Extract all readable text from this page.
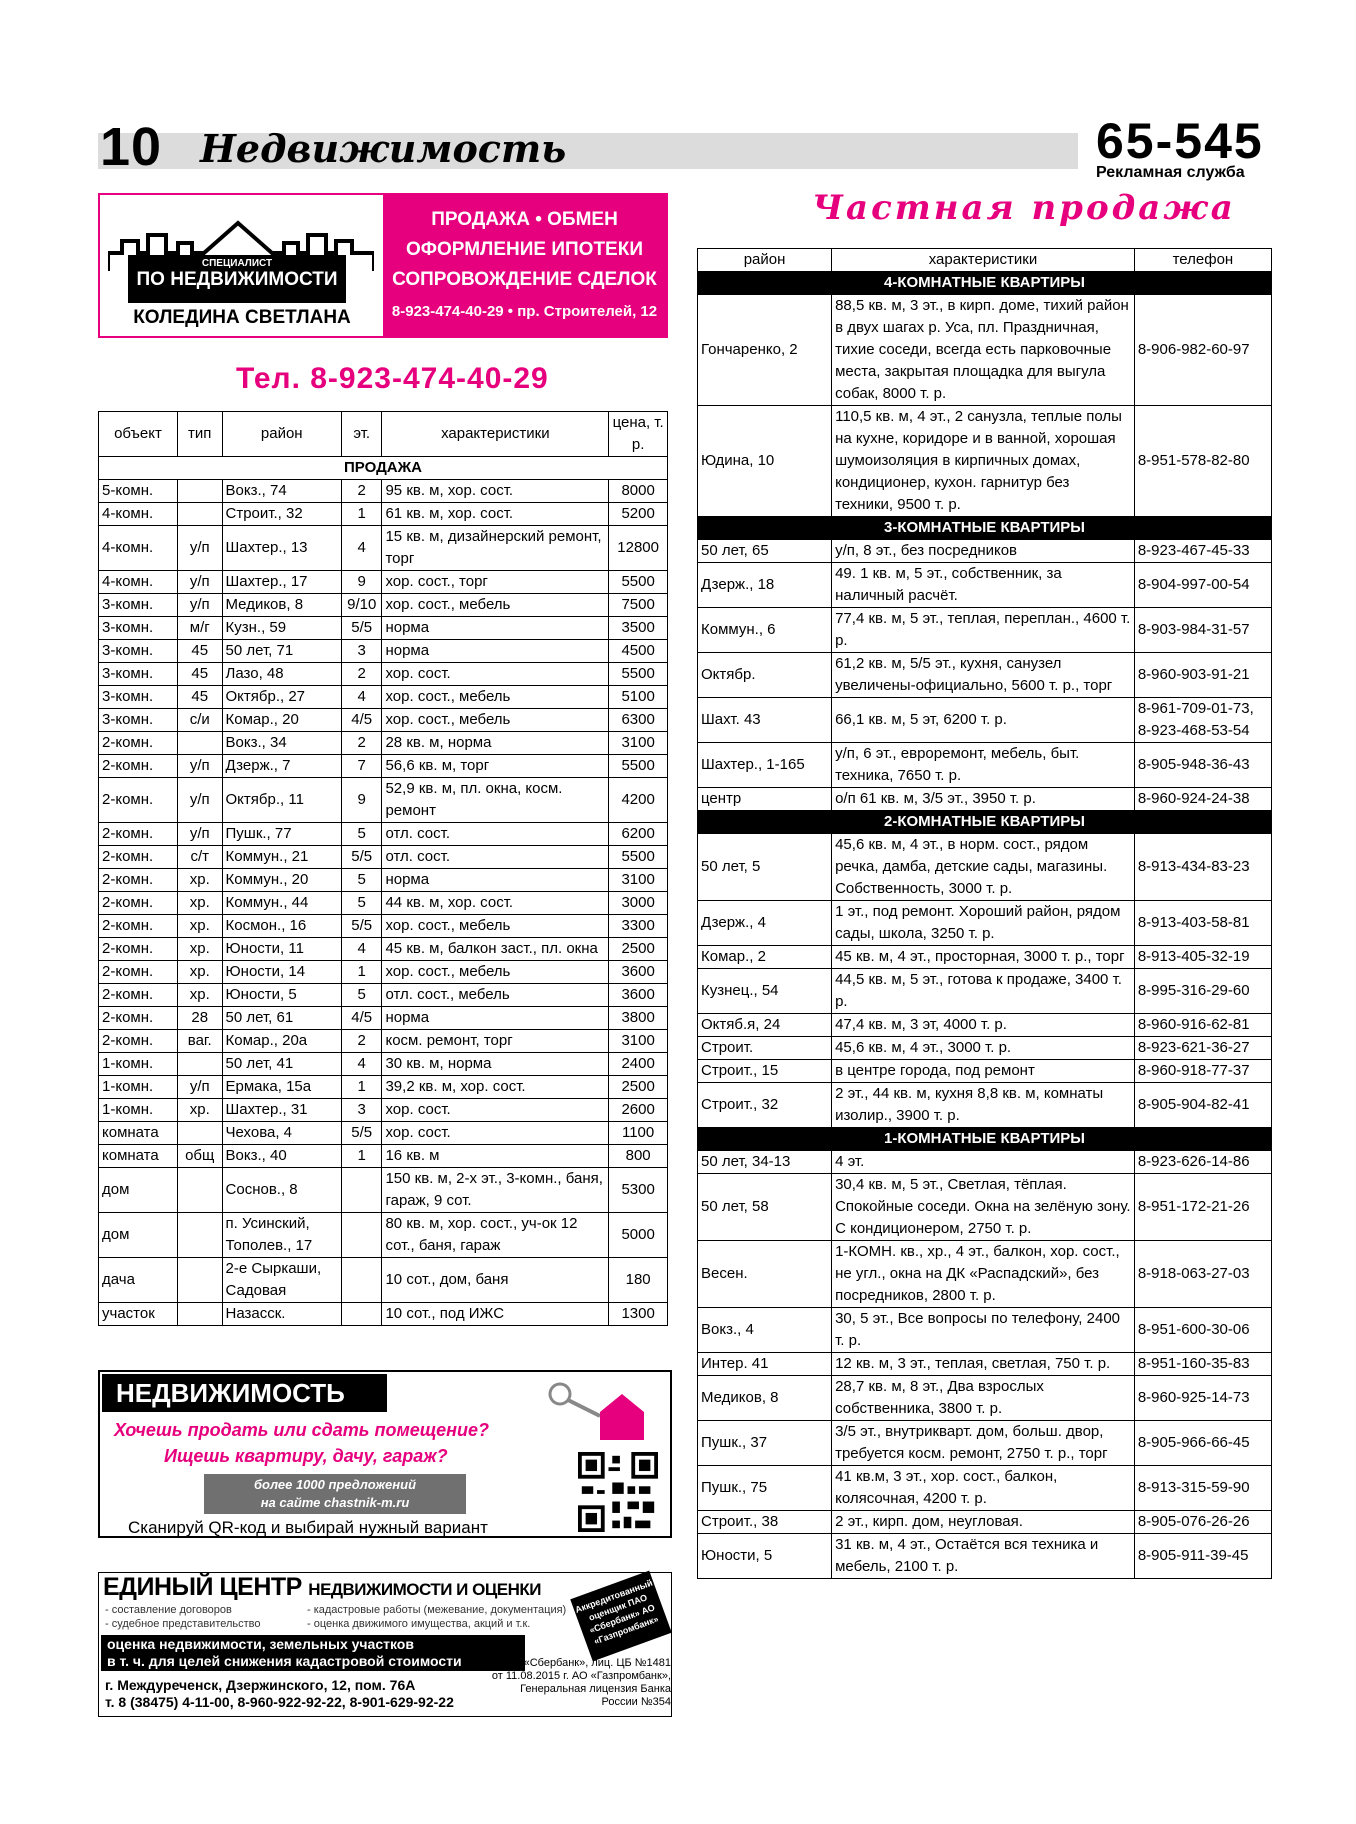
10 Недвижимость	65-545
Рекламная служба
СПЕЦИАЛИСТ
ПО НЕДВИЖИМОСТИ
КОЛЕДИНА СВЕТЛАНА
ПРОДАЖА • ОБМЕН
ОФОРМЛЕНИЕ ИПОТЕКИ
СОПРОВОЖДЕНИЕ СДЕЛОК
8-923-474-40-29 • пр. Строителей, 12
Тел. 8-923-474-40-29
объект	тип	район	эт.	характеристики	цена, т. р.
ПРОДАЖА					
5-комн.		Вокз., 74	2	95 кв. м, хор. сост.	8000
4-комн.		Строит., 32	1	61 кв. м, хор. сост.	5200
4-комн.	у/п	Шахтер., 13	4	15 кв. м, дизайнерский ремонт, торг	12800
4-комн.	у/п	Шахтер., 17	9	хор. сост., торг	5500
3-комн.	у/п	Медиков, 8	9/10	хор. сост., мебель	7500
3-комн.	м/г	Кузн., 59	5/5	норма	3500
3-комн.	45	50 лет, 71	3	норма	4500
3-комн.	45	Лазо, 48	2	хор. сост.	5500
3-комн.	45	Октябр., 27	4	хор. сост., мебель	5100
3-комн.	с/и	Комар., 20	4/5	хор. сост., мебель	6300
2-комн.		Вокз., 34	2	28 кв. м, норма	3100
2-комн.	у/п	Дзерж., 7	7	56,6 кв. м, торг	5500
2-комн.	у/п	Октябр., 11	9	52,9 кв. м, пл. окна, косм. ремонт	4200
2-комн.	у/п	Пушк., 77	5	отл. сост.	6200
2-комн.	с/т	Коммун., 21	5/5	отл. сост.	5500
2-комн.	хр.	Коммун., 20	5	норма	3100
2-комн.	хр.	Коммун., 44	5	44 кв. м, хор. сост.	3000
2-комн.	хр.	Космон., 16	5/5	хор. сост., мебель	3300
2-комн.	хр.	Юности, 11	4	45 кв. м, балкон заст., пл. окна	2500
2-комн.	хр.	Юности, 14	1	хор. сост., мебель	3600
2-комн.	хр.	Юности, 5	5	отл. сост., мебель	3600
2-комн.	28	50 лет, 61	4/5	норма	3800
2-комн.	ваг.	Комар., 20а	2	косм. ремонт, торг	3100
1-комн.		50 лет, 41	4	30 кв. м, норма	2400
1-комн.	у/п	Ермака, 15а	1	39,2 кв. м, хор. сост.	2500
1-комн.	хр.	Шахтер., 31	3	хор. сост.	2600
комната		Чехова, 4	5/5	хор. сост.	1100
комната	общ	Вокз., 40	1	16 кв. м	800
дом		Соснов., 8		150 кв. м, 2-х эт., 3-комн., баня, гараж, 9 сот.	5300
дом		п. Усинский, Тополев., 17		80 кв. м, хор. сост., уч-ок 12 сот., баня, гараж	5000
дача		2-е Сыркаши, Садовая		10 сот., дом, баня	180
участок		Назасск.		10 сот., под ИЖС	1300
Частная продажа
район	характеристики	телефон
4-КОМНАТНЫЕ КВАРТИРЫ		
Гончаренко, 2	88,5 кв. м, 3 эт., в кирп. доме, тихий район в двух шагах р. Уса, пл. Праздничная, тихие соседи, всегда есть парковочные места, закрытая площадка для выгула собак, 8000 т. р.	8-906-982-60-97
Юдина, 10	110,5 кв. м, 4 эт., 2 санузла, теплые полы на кухне, коридоре и в ванной, хорошая шумоизоляция в кирпичных домах, кондиционер, кухон. гарнитур без техники, 9500 т. р.	8-951-578-82-80
3-КОМНАТНЫЕ КВАРТИРЫ		
50 лет, 65	у/п, 8 эт., без посредников	8-923-467-45-33
Дзерж., 18	49. 1 кв. м, 5 эт., собственник, за наличный расчёт.	8-904-997-00-54
Коммун., 6	77,4 кв. м, 5 эт., теплая, переплан., 4600 т. р.	8-903-984-31-57
Октябр.	61,2 кв. м, 5/5 эт., кухня, санузел увеличены-официально, 5600 т. р., торг	8-960-903-91-21
Шахт. 43	66,1 кв. м, 5 эт, 6200 т. р.	8-961-709-01-73, 8-923-468-53-54
Шахтер., 1-165	у/п, 6 эт., евроремонт, мебель, быт. техника, 7650 т. р.	8-905-948-36-43
центр	о/п 61 кв. м, 3/5 эт., 3950 т. р.	8-960-924-24-38
2-КОМНАТНЫЕ КВАРТИРЫ		
50 лет, 5	45,6 кв. м, 4 эт., в норм. сост., рядом речка, дамба, детские сады, магазины. Собственность, 3000 т. р.	8-913-434-83-23
Дзерж., 4	1 эт., под ремонт. Хороший район, рядом сады, школа, 3250 т. р.	8-913-403-58-81
Комар., 2	45 кв. м, 4 эт., просторная, 3000 т. р., торг	8-913-405-32-19
Кузнец., 54	44,5 кв. м, 5 эт., готова к продаже, 3400 т. р.	8-995-316-29-60
Октяб.я, 24	47,4 кв. м, 3 эт, 4000 т. р.	8-960-916-62-81
Строит.	45,6 кв. м, 4 эт., 3000 т. р.	8-923-621-36-27
Строит., 15	в центре города, под ремонт	8-960-918-77-37
Строит., 32	2 эт., 44 кв. м, кухня 8,8 кв. м, комнаты изолир., 3900 т. р.	8-905-904-82-41
1-КОМНАТНЫЕ КВАРТИРЫ		
50 лет, 34-13	4 эт.	8-923-626-14-86
50 лет, 58	30,4 кв. м, 5 эт., Светлая, тёплая. Спокойные соседи. Окна на зелёную зону. С кондиционером, 2750 т. р.	8-951-172-21-26
Весен.	1-КОМН. кв., хр., 4 эт., балкон, хор. сост., не угл., окна на ДК «Распадский», без посредников, 2800 т. р.	8-918-063-27-03
Вокз., 4	30, 5 эт., Все вопросы по телефону, 2400 т. р.	8-951-600-30-06
Интер. 41	12 кв. м, 3 эт., теплая, светлая, 750 т. р.	8-951-160-35-83
Медиков, 8	28,7 кв. м, 8 эт., Два взрослых собственника, 3800 т. р.	8-960-925-14-73
Пушк., 37	3/5 эт., внутрикварт. дом, больш. двор, требуется косм. ремонт, 2750 т. р., торг	8-905-966-66-45
Пушк., 75	41 кв.м, 3 эт., хор. сост., балкон, колясочная, 4200 т. р.	8-913-315-59-90
Строит., 38	2 эт., кирп. дом, неугловая.	8-905-076-26-26
Юности, 5	31 кв. м, 4 эт., Остаётся вся техника и мебель, 2100 т. р.	8-905-911-39-45
НЕДВИЖИМОСТЬ
Хочешь продать или сдать помещение?
Ищешь квартиру, дачу, гараж?
более 1000 предложений
на сайте chastnik-m.ru
Сканируй QR-код и выбирай нужный вариант
ЕДИНЫЙ ЦЕНТР НЕДВИЖИМОСТИ И ОЦЕНКИ
- составление договоров
- судебное представительство
- кадастровые работы (межевание, документация)
- оценка движимого имущества, акций и т.к.
Аккредитованный оценщик ПАО «Сбербанк» АО «Газпромбанк»
оценка недвижимости, земельных участков
в т. ч. для целей снижения кадастровой стоимости	ПАО «Сбербанк», лиц. ЦБ №1481 от 11.08.2015 г. АО «Газпромбанк», Генеральная лицензия Банка России №354
г. Междуреченск, Дзержинского, 12, пом. 76А
т. 8 (38475) 4-11-00, 8-960-922-92-22, 8-901-629-92-22
